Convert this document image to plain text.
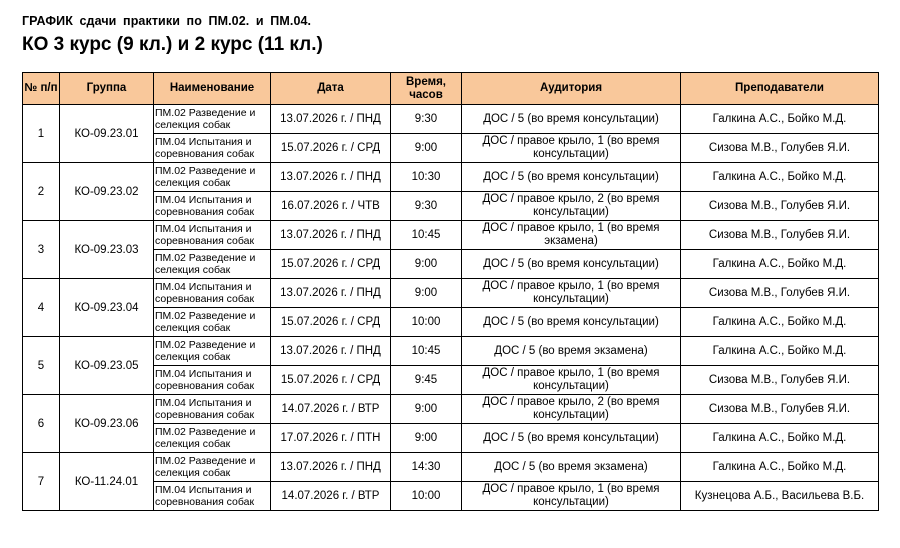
ГРАФИК сдачи практики по ПМ.02. и ПМ.04.
КО 3 курс (9 кл.) и 2 курс (11 кл.)
№ п/п	Группа	Наименование	Дата	Время, часов	Аудитория	Преподаватели
1	КО-09.23.01	ПМ.02 Разведение и селекция собак	13.07.2026 г. / ПНД	9:30	ДОС / 5 (во время консультации)	Галкина А.С., Бойко М.Д.
		ПМ.04 Испытания и соревнования собак	15.07.2026 г. / СРД	9:00	ДОС / правое крыло, 1 (во время консультации)	Сизова М.В., Голубев Я.И.
2	КО-09.23.02	ПМ.02 Разведение и селекция собак	13.07.2026 г. / ПНД	10:30	ДОС / 5 (во время консультации)	Галкина А.С., Бойко М.Д.
		ПМ.04 Испытания и соревнования собак	16.07.2026 г. / ЧТВ	9:30	ДОС / правое крыло, 2 (во время консультации)	Сизова М.В., Голубев Я.И.
3	КО-09.23.03	ПМ.04 Испытания и соревнования собак	13.07.2026 г. / ПНД	10:45	ДОС / правое крыло, 1 (во время экзамена)	Сизова М.В., Голубев Я.И.
		ПМ.02 Разведение и селекция собак	15.07.2026 г. / СРД	9:00	ДОС / 5 (во время консультации)	Галкина А.С., Бойко М.Д.
4	КО-09.23.04	ПМ.04 Испытания и соревнования собак	13.07.2026 г. / ПНД	9:00	ДОС / правое крыло, 1 (во время консультации)	Сизова М.В., Голубев Я.И.
		ПМ.02 Разведение и селекция собак	15.07.2026 г. / СРД	10:00	ДОС / 5 (во время консультации)	Галкина А.С., Бойко М.Д.
5	КО-09.23.05	ПМ.02 Разведение и селекция собак	13.07.2026 г. / ПНД	10:45	ДОС / 5 (во время экзамена)	Галкина А.С., Бойко М.Д.
		ПМ.04 Испытания и соревнования собак	15.07.2026 г. / СРД	9:45	ДОС / правое крыло, 1 (во время консультации)	Сизова М.В., Голубев Я.И.
6	КО-09.23.06	ПМ.04 Испытания и соревнования собак	14.07.2026 г. / ВТР	9:00	ДОС / правое крыло, 2 (во время консультации)	Сизова М.В., Голубев Я.И.
		ПМ.02 Разведение и селекция собак	17.07.2026 г. / ПТН	9:00	ДОС / 5 (во время консультации)	Галкина А.С., Бойко М.Д.
7	КО-11.24.01	ПМ.02 Разведение и селекция собак	13.07.2026 г. / ПНД	14:30	ДОС / 5 (во время экзамена)	Галкина А.С., Бойко М.Д.
		ПМ.04 Испытания и соревнования собак	14.07.2026 г. / ВТР	10:00	ДОС / правое крыло, 1 (во время консультации)	Кузнецова А.Б., Васильева В.Б.
